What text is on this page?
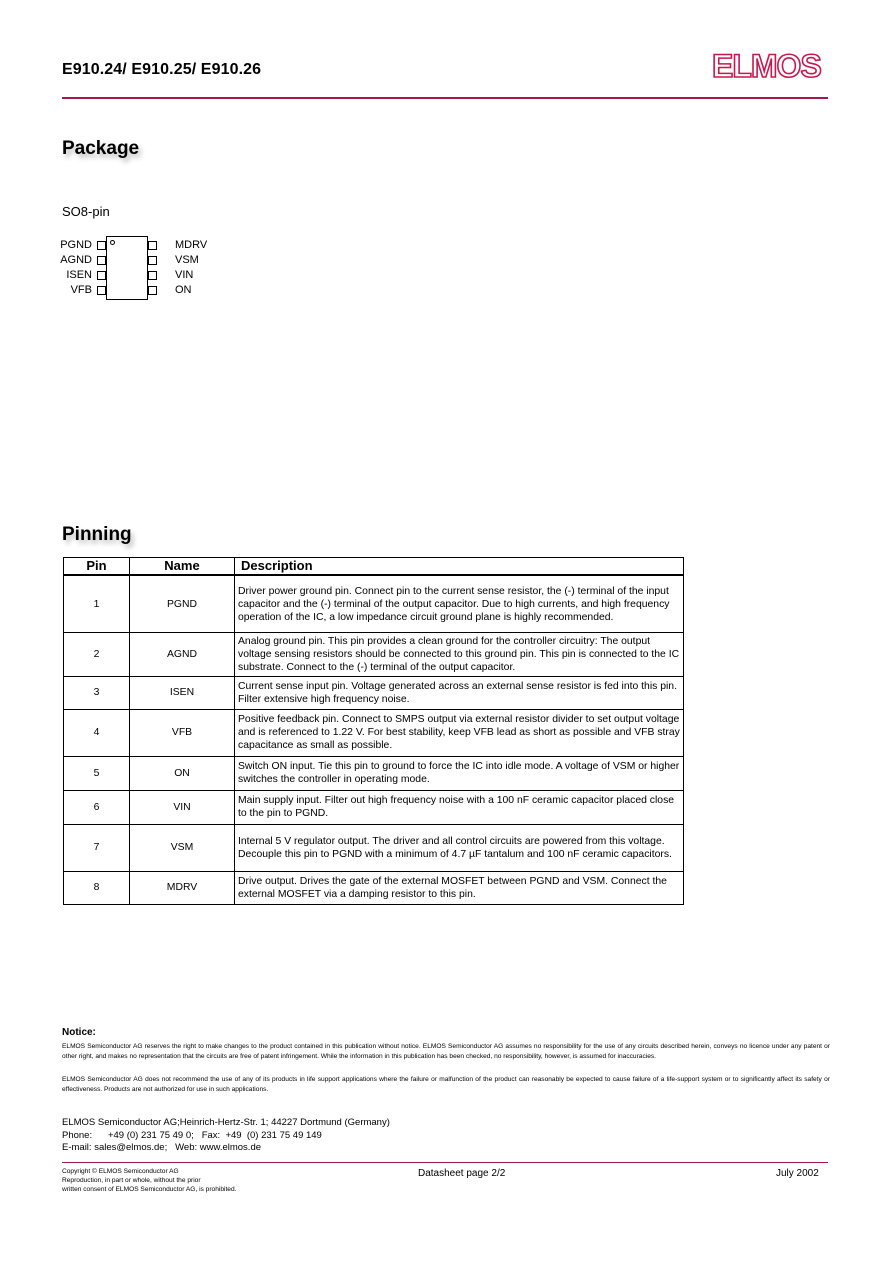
E910.24/ E910.25/ E910.26	ELMOS
Package
SO8-pin
PGND
AGND
ISEN
VFB
MDRV
VSM
VIN
ON
Pinning
Pin	Name	Description
1	PGND	Driver power ground pin. Connect pin to the current sense resistor, the (-) terminal of the input capacitor and the (-) terminal of the output capacitor. Due to high currents, and high frequency operation of the IC, a low impedance circuit ground plane is highly recommended.
2	AGND	Analog ground pin. This pin provides a clean ground for the controller circuitry: The output voltage sensing resistors should be connected to this ground pin. This pin is connected to the IC substrate. Connect to the (-) terminal of the output capacitor.
3	ISEN	Current sense input pin. Voltage generated across an external sense resistor is fed into this pin. Filter extensive high frequency noise.
4	VFB	Positive feedback pin. Connect to SMPS output via external resistor divider to set output voltage and is referenced to 1.22 V. For best stability, keep VFB lead as short as possible and VFB stray capacitance as small as possible.
5	ON	Switch ON input. Tie this pin to ground to force the IC into idle mode. A voltage of VSM or higher switches the controller in operating mode.
6	VIN	Main supply input. Filter out high frequency noise with a 100 nF ceramic capacitor placed close to the pin to PGND.
7	VSM	Internal 5 V regulator output. The driver and all control circuits are powered from this voltage. Decouple this pin to PGND with a minimum of 4.7 µF tantalum and 100 nF ceramic capacitors.
8	MDRV	Drive output. Drives the gate of the external MOSFET between PGND and VSM. Connect the external MOSFET via a damping resistor to this pin.
Notice:
ELMOS Semiconductor AG reserves the right to make changes to the product contained in this publication without notice. ELMOS Semiconductor AG assumes no responsibility for the use of any circuits described herein, conveys no licence under any patent or other right, and makes no representation that the circuits are free of patent infringement. While the information in this publication has been checked, no responsibility, however, is assumed for inaccuracies.
ELMOS Semiconductor AG does not recommend the use of any of its products in life support applications where the failure or malfunction of the product can reasonably be expected to cause failure of a life-support system or to significantly affect its safety or effectiveness. Products are not authorized for use in such applications.
ELMOS Semiconductor AG;Heinrich-Hertz-Str. 1; 44227 Dortmund (Germany)
Phone:      +49 (0) 231 75 49 0;   Fax:  +49  (0) 231 75 49 149
E-mail: sales@elmos.de;   Web: www.elmos.de
Copyright © ELMOS Semiconductor AG
Reproduction, in part or whole, without the prior
written consent of ELMOS Semiconductor AG, is prohibited.
Datasheet page 2/2	July 2002
